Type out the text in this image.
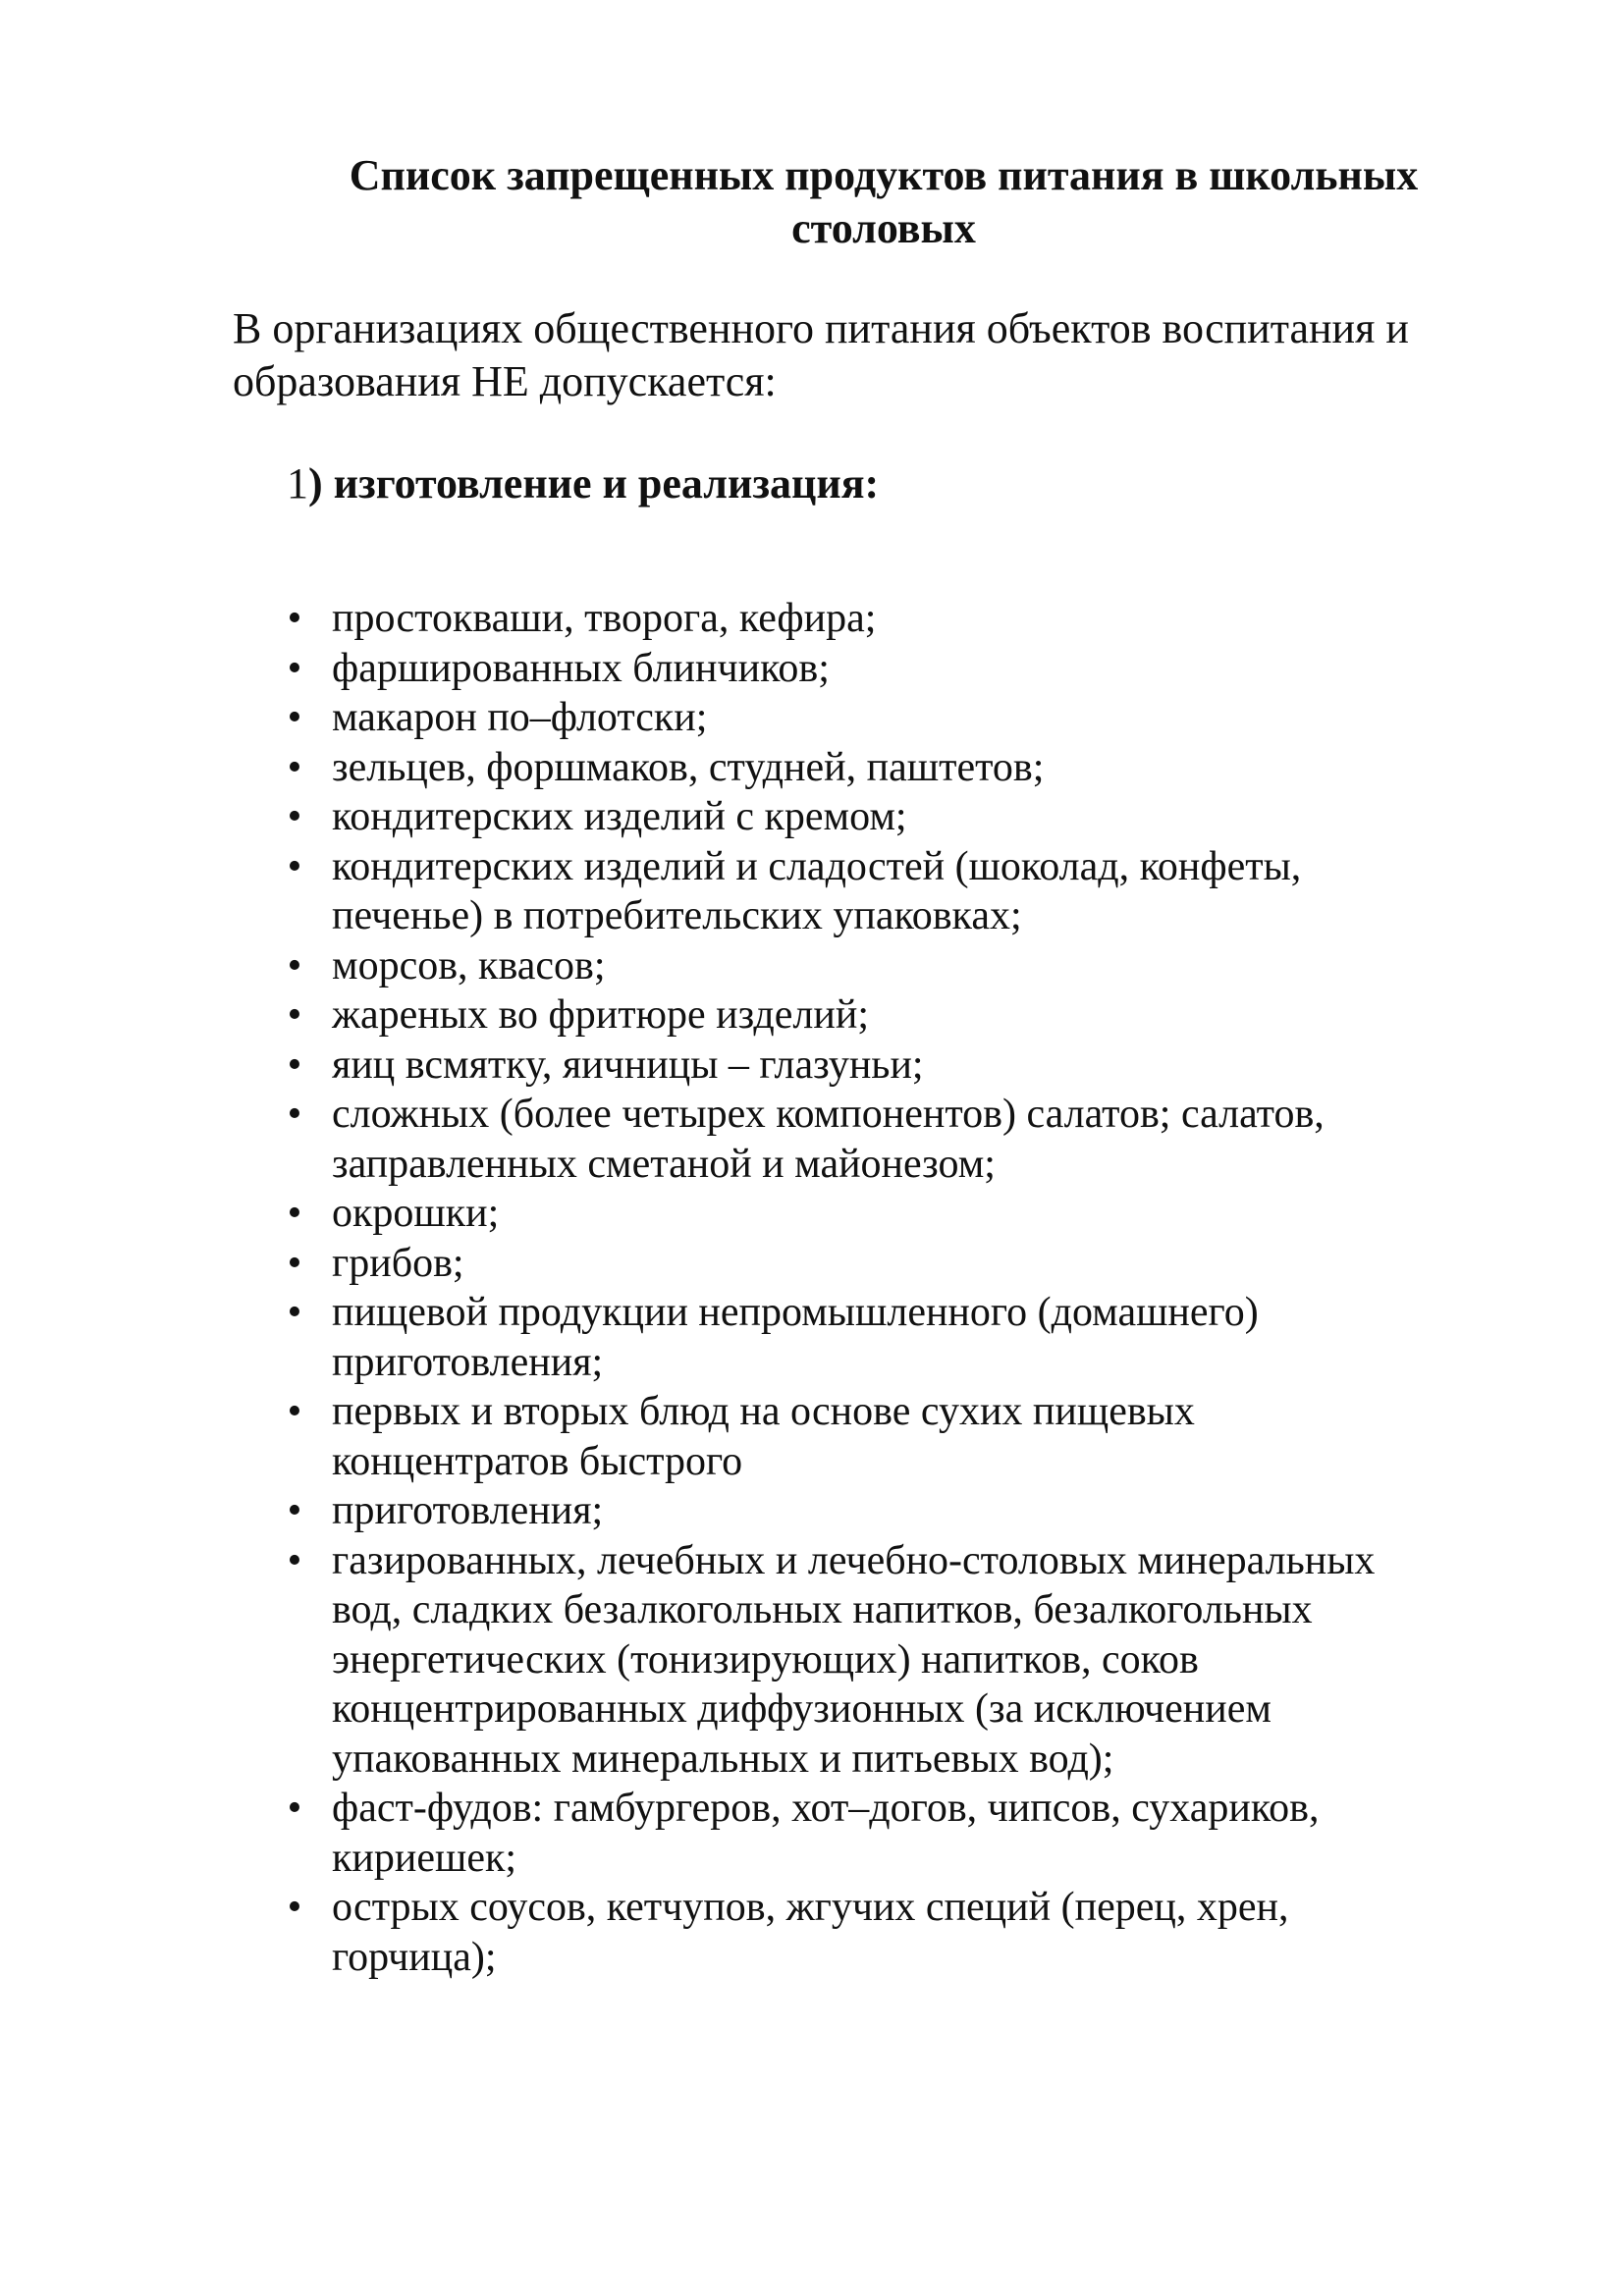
Список запрещенных продуктов питания в школьных
столовых

В организациях общественного питания объектов воспитания и
образования НЕ допускается:

1) изготовление и реализация:

• простокваши, творога, кефира;
• фаршированных блинчиков;
• макарон по–флотски;
• зельцев, форшмаков, студней, паштетов;
• кондитерских изделий с кремом;
• кондитерских изделий и сладостей (шоколад, конфеты,
печенье) в потребительских упаковках;
• морсов, квасов;
• жареных во фритюре изделий;
• яиц всмятку, яичницы – глазуньи;
• сложных (более четырех компонентов) салатов; салатов,
заправленных сметаной и майонезом;
• окрошки;
• грибов;
• пищевой продукции непромышленного (домашнего)
приготовления;
• первых и вторых блюд на основе сухих пищевых
концентратов быстрого
• приготовления;
• газированных, лечебных и лечебно-столовых минеральных
вод, сладких безалкогольных напитков, безалкогольных
энергетических (тонизирующих) напитков, соков
концентрированных диффузионных (за исключением
упакованных минеральных и питьевых вод);
• фаст-фудов: гамбургеров, хот–догов, чипсов, сухариков,
кириешек;
• острых соусов, кетчупов, жгучих специй (перец, хрен,
горчица);
